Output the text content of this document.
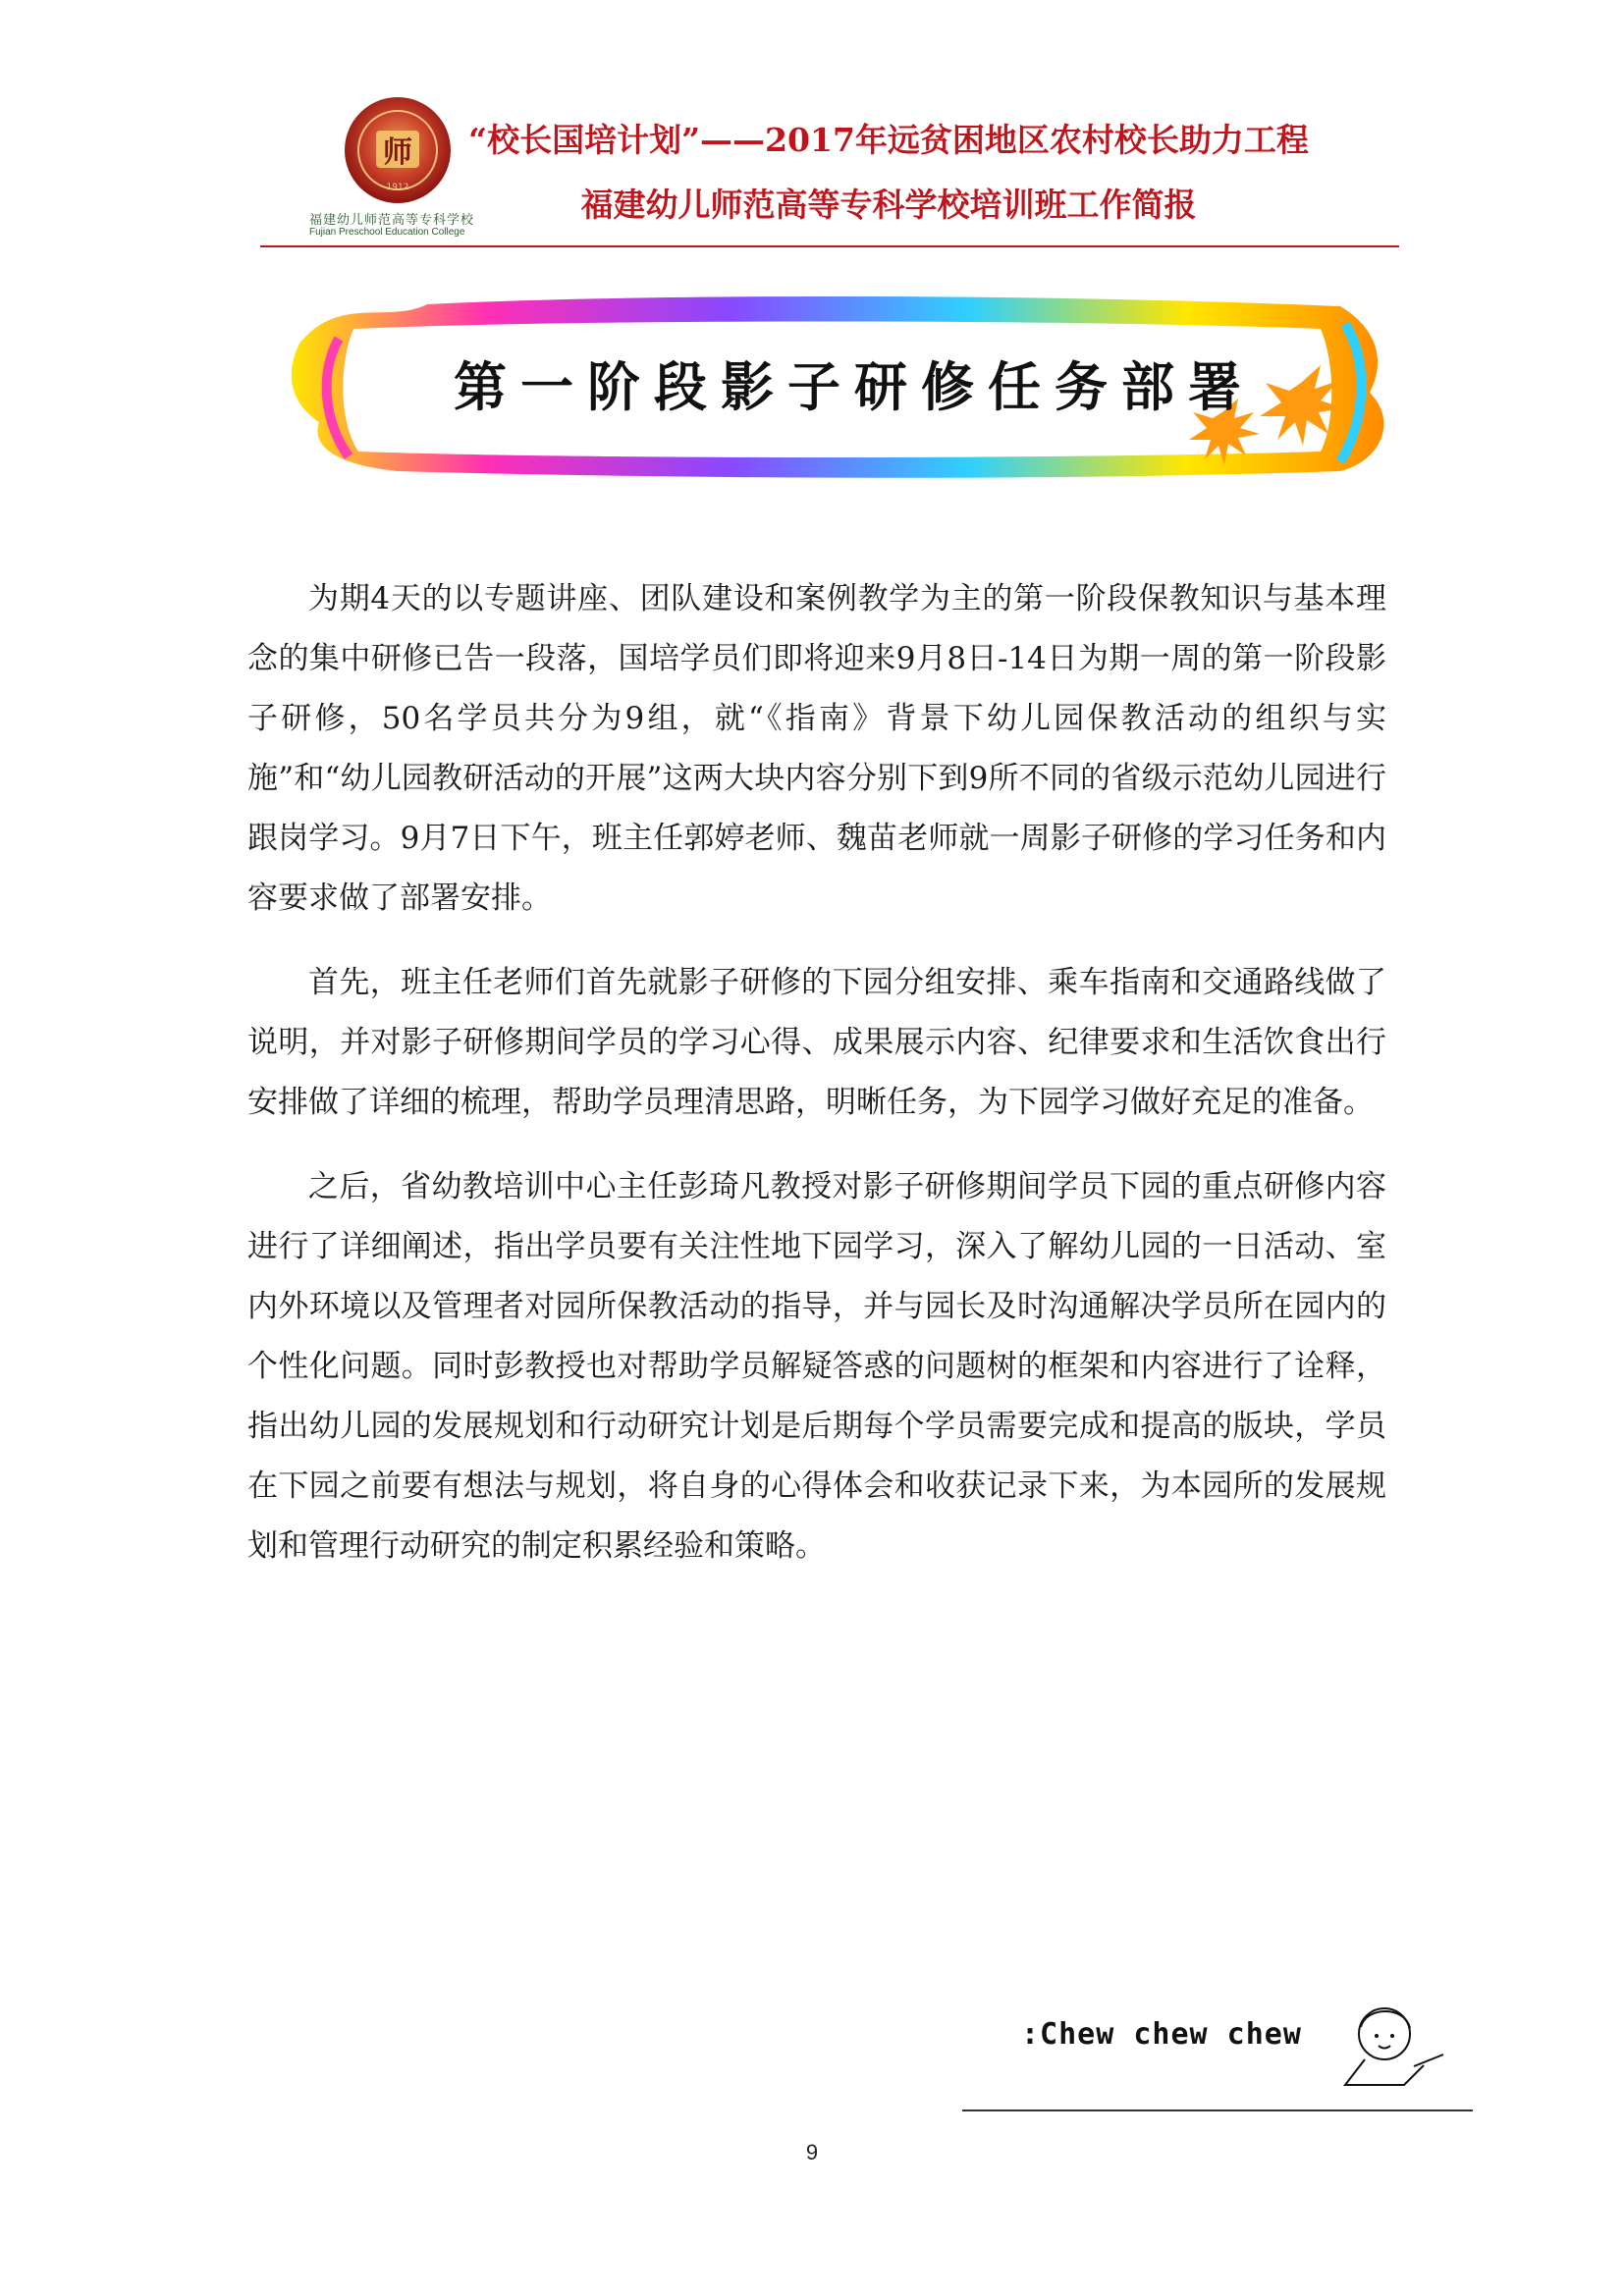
师
1912
福建幼儿师范高等专科学校
Fujian Preschool Education College
“校长国培计划”——2017年远贫困地区农村校长助力工程
福建幼儿师范高等专科学校培训班工作简报
第一阶段影子研修任务部署

为期4天的以专题讲座、团队建设和案例教学为主的第一阶段保教知识与基本理念的集中研修已告一段落，国培学员们即将迎来9月8日-14日为期一周的第一阶段影子研修，50名学员共分为9组，就“《指南》背景下幼儿园保教活动的组织与实施”和“幼儿园教研活动的开展”这两大块内容分别下到9所不同的省级示范幼儿园进行跟岗学习。9月7日下午，班主任郭婷老师、魏苗老师就一周影子研修的学习任务和内容要求做了部署安排。

首先，班主任老师们首先就影子研修的下园分组安排、乘车指南和交通路线做了说明，并对影子研修期间学员的学习心得、成果展示内容、纪律要求和生活饮食出行安排做了详细的梳理，帮助学员理清思路，明晰任务，为下园学习做好充足的准备。

之后，省幼教培训中心主任彭琦凡教授对影子研修期间学员下园的重点研修内容进行了详细阐述，指出学员要有关注性地下园学习，深入了解幼儿园的一日活动、室内外环境以及管理者对园所保教活动的指导，并与园长及时沟通解决学员所在园内的个性化问题。同时彭教授也对帮助学员解疑答惑的问题树的框架和内容进行了诠释，指出幼儿园的发展规划和行动研究计划是后期每个学员需要完成和提高的版块，学员在下园之前要有想法与规划，将自身的心得体会和收获记录下来，为本园所的发展规划和管理行动研究的制定积累经验和策略。

:Chew chew chew
9
